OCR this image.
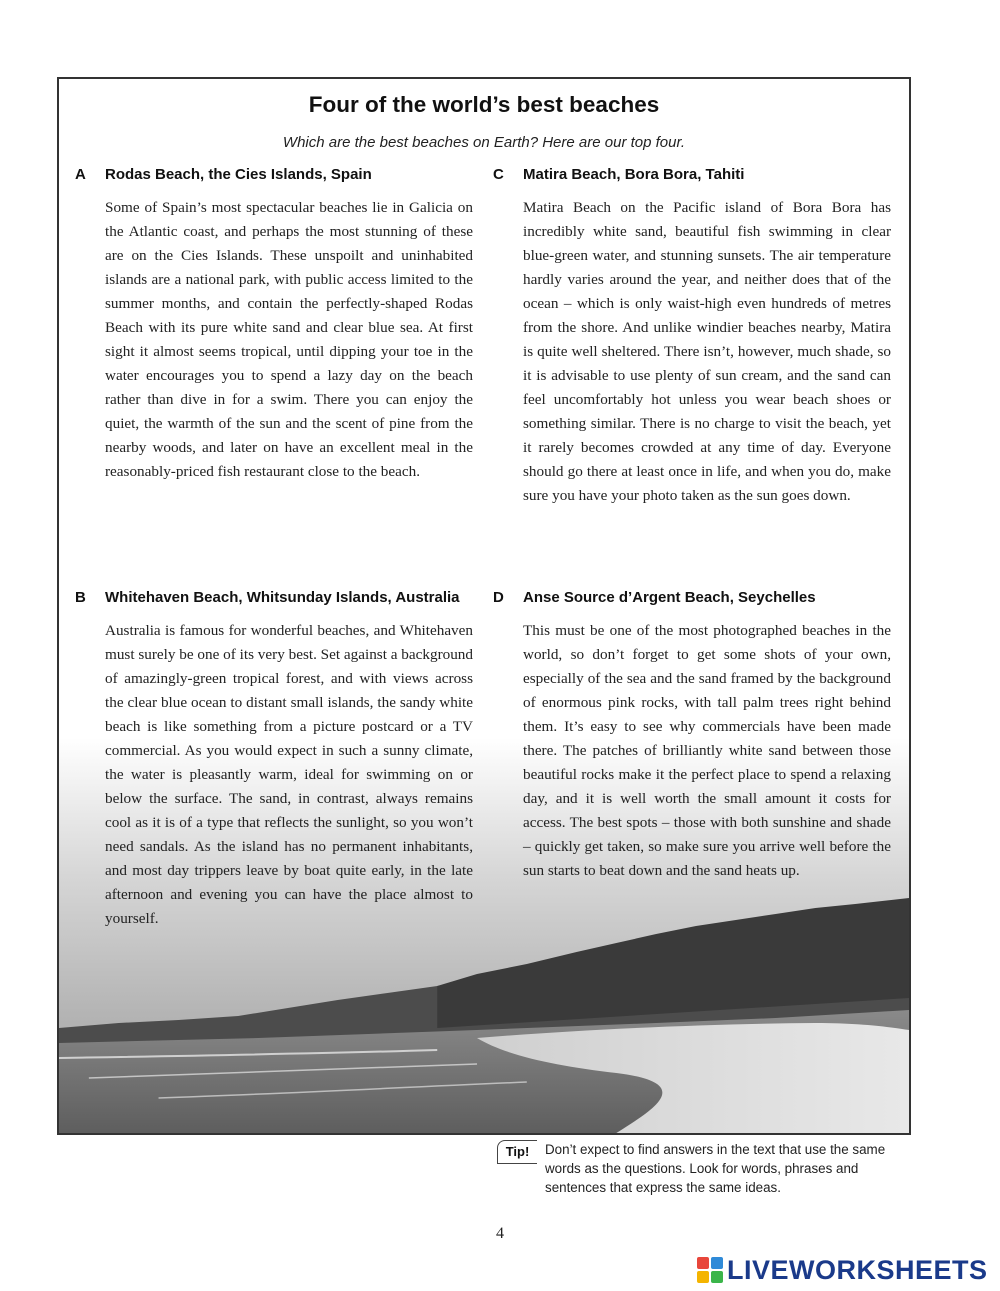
Four of the world’s best beaches
Which are the best beaches on Earth? Here are our top four.
A Rodas Beach, the Cies Islands, Spain

Some of Spain’s most spectacular beaches lie in Galicia on the Atlantic coast, and perhaps the most stunning of these are on the Cies Islands. These unspoilt and uninhabited islands are a national park, with public access limited to the summer months, and contain the perfectly-shaped Rodas Beach with its pure white sand and clear blue sea. At first sight it almost seems tropical, until dipping your toe in the water encourages you to spend a lazy day on the beach rather than dive in for a swim. There you can enjoy the quiet, the warmth of the sun and the scent of pine from the nearby woods, and later on have an excellent meal in the reasonably-priced fish restaurant close to the beach.

C Matira Beach, Bora Bora, Tahiti

Matira Beach on the Pacific island of Bora Bora has incredibly white sand, beautiful fish swimming in clear blue-green water, and stunning sunsets. The air temperature hardly varies around the year, and neither does that of the ocean – which is only waist-high even hundreds of metres from the shore. And unlike windier beaches nearby, Matira is quite well sheltered. There isn’t, however, much shade, so it is advisable to use plenty of sun cream, and the sand can feel uncomfortably hot unless you wear beach shoes or something similar. There is no charge to visit the beach, yet it rarely becomes crowded at any time of day. Everyone should go there at least once in life, and when you do, make sure you have your photo taken as the sun goes down.

B Whitehaven Beach, Whitsunday Islands, Australia

Australia is famous for wonderful beaches, and Whitehaven must surely be one of its very best. Set against a background of amazingly-green tropical forest, and with views across the clear blue ocean to distant small islands, the sandy white beach is like something from a picture postcard or a TV commercial. As you would expect in such a sunny climate, the water is pleasantly warm, ideal for swimming on or below the surface. The sand, in contrast, always remains cool as it is of a type that reflects the sunlight, so you won’t need sandals. As the island has no permanent inhabitants, and most day trippers leave by boat quite early, in the late afternoon and evening you can have the place almost to yourself.

D Anse Source d’Argent Beach, Seychelles

This must be one of the most photographed beaches in the world, so don’t forget to get some shots of your own, especially of the sea and the sand framed by the background of enormous pink rocks, with tall palm trees right behind them. It’s easy to see why commercials have been made there. The patches of brilliantly white sand between those beautiful rocks make it the perfect place to spend a relaxing day, and it is well worth the small amount it costs for access. The best spots – those with both sunshine and shade – quickly get taken, so make sure you arrive well before the sun starts to beat down and the sand heats up.

Tip!	Don’t expect to find answers in the text that use the same words as the questions. Look for words, phrases and sentences that express the same ideas.
4
LIVEWORKSHEETS
